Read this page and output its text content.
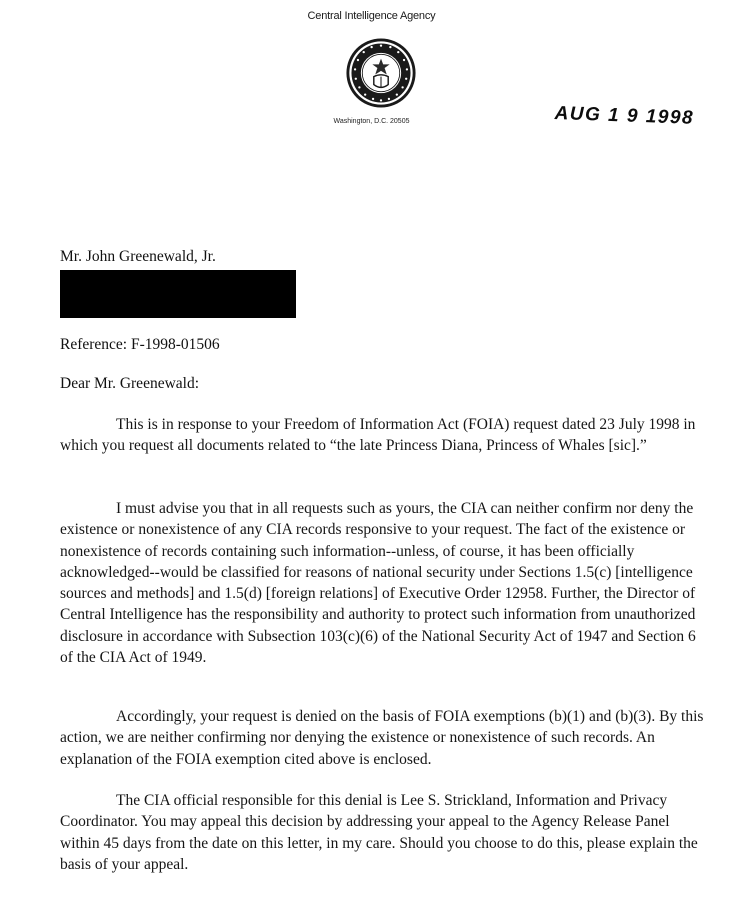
Central Intelligence Agency
Washington, D.C. 20505	AUG 1 9 1998
Mr. John Greenewald, Jr.
Reference: F-1998-01506
Dear Mr. Greenewald:

This is in response to your Freedom of Information Act (FOIA) request dated 23 July 1998 in which you request all documents related to “the late Princess Diana, Princess of Whales [sic].”

I must advise you that in all requests such as yours, the CIA can neither confirm nor deny the existence or nonexistence of any CIA records responsive to your request. The fact of the existence or nonexistence of records containing such information--unless, of course, it has been officially acknowledged--would be classified for reasons of national security under Sections 1.5(c) [intelligence sources and methods] and 1.5(d) [foreign relations] of Executive Order 12958. Further, the Director of Central Intelligence has the responsibility and authority to protect such information from unauthorized disclosure in accordance with Subsection 103(c)(6) of the National Security Act of 1947 and Section 6 of the CIA Act of 1949.

Accordingly, your request is denied on the basis of FOIA exemptions (b)(1) and (b)(3). By this action, we are neither confirming nor denying the existence or nonexistence of such records. An explanation of the FOIA exemption cited above is enclosed.

The CIA official responsible for this denial is Lee S. Strickland, Information and Privacy Coordinator. You may appeal this decision by addressing your appeal to the Agency Release Panel within 45 days from the date on this letter, in my care. Should you choose to do this, please explain the basis of your appeal.
